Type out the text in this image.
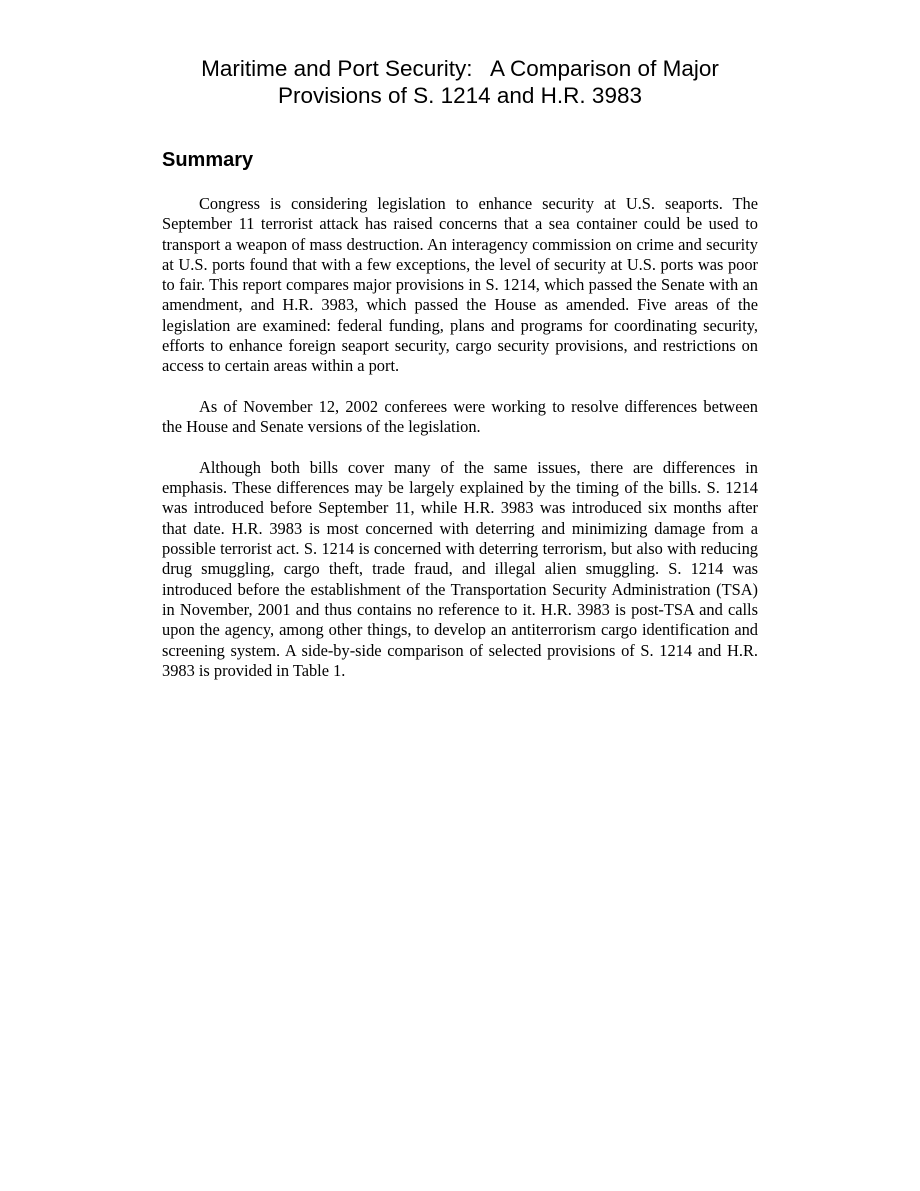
Maritime and Port Security:   A Comparison of Major
Provisions of S. 1214 and H.R. 3983
Summary

Congress is considering legislation to enhance security at U.S. seaports. The September 11 terrorist attack has raised concerns that a sea container could be used to transport a weapon of mass destruction. An interagency commission on crime and security at U.S. ports found that with a few exceptions, the level of security at U.S. ports was poor to fair. This report compares major provisions in S. 1214, which passed the Senate with an amendment, and H.R. 3983, which passed the House as amended. Five areas of the legislation are examined: federal funding, plans and programs for coordinating security, efforts to enhance foreign seaport security, cargo security provisions, and restrictions on access to certain areas within a port.

As of November 12, 2002 conferees were working to resolve differences between the House and Senate versions of the legislation.

Although both bills cover many of the same issues, there are differences in emphasis. These differences may be largely explained by the timing of the bills. S. 1214 was introduced before September 11, while H.R. 3983 was introduced six months after that date. H.R. 3983 is most concerned with deterring and minimizing damage from a possible terrorist act. S. 1214 is concerned with deterring terrorism, but also with reducing drug smuggling, cargo theft, trade fraud, and illegal alien smuggling. S. 1214 was introduced before the establishment of the Transportation Security Administration (TSA) in November, 2001 and thus contains no reference to it. H.R. 3983 is post-TSA and calls upon the agency, among other things, to develop an antiterrorism cargo identification and screening system. A side-by-side comparison of selected provisions of S. 1214 and H.R. 3983 is provided in Table 1.
